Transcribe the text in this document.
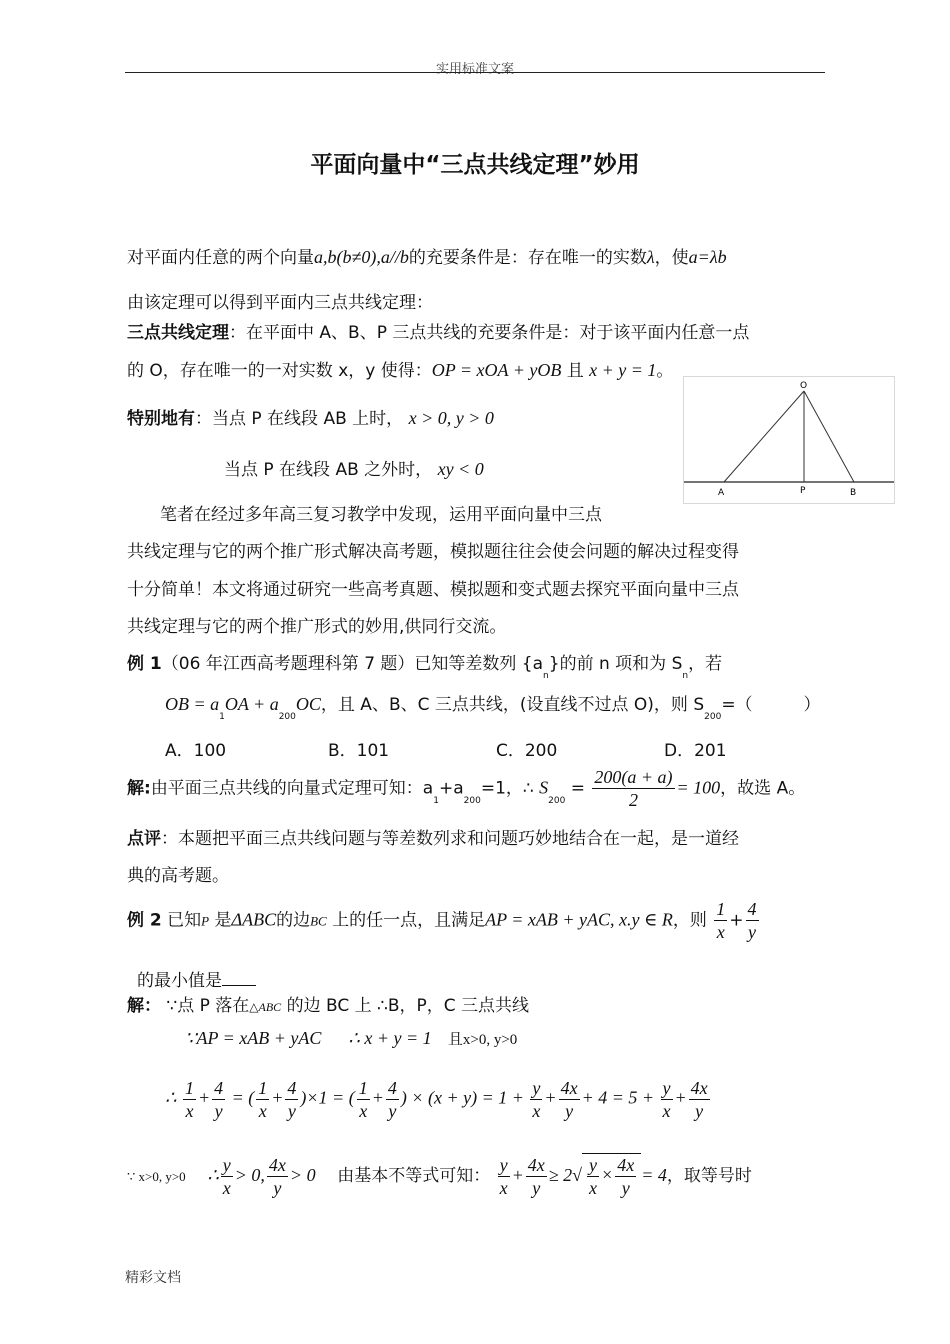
实用标准文案
平面向量中“三点共线定理”妙用
对平面内任意的两个向量a,b(b≠0),a//b的充要条件是：存在唯一的实数λ，使a=λb
由该定理可以得到平面内三点共线定理：
三点共线定理：在平面中 A、B、P 三点共线的充要条件是：对于该平面内任意一点
的 O，存在唯一的一对实数 x，y 使得：OP = xOA + yOB 且 x + y = 1。
特别地有：当点 P 在线段 AB 上时， x > 0, y > 0
当点 P 在线段 AB 之外时， xy < 0
O
A	P	B
笔者在经过多年高三复习教学中发现，运用平面向量中三点
共线定理与它的两个推广形式解决高考题，模拟题往往会使会问题的解决过程变得
十分简单！本文将通过研究一些高考真题、模拟题和变式题去探究平面向量中三点
共线定理与它的两个推广形式的妙用,供同行交流。
例 1（06 年江西高考题理科第 7 题）已知等差数列 $\{a_n\}$的前 n 项和为 $S_n$，若
OB = $a_1OA + a_{200}OC$，且 A、B、C 三点共线，(设直线不过点 O)，则 $S_{200}=$（　　　）
A．100	B．101	C．200	D．201
解:由平面三点共线的向量式定理可知：$a_1+a_{200}=1$，∴ $S_{200} = \frac{200(a + a)}{2} = 100$，故选 A。
点评：本题把平面三点共线问题与等差数列求和问题巧妙地结合在一起，是一道经
典的高考题。
例 2 已知P 是ΔABC的边BC 上的任一点，且满足AP = xAB + yAC, x.y ∈ R，则 $\frac{1}{x} + \frac{4}{y}$
的最小值是
解： ∵点 P 落在△ABC 的边 BC 上 ∴B，P，C 三点共线
∵AP = xAB + yAC ∴ x + y = 1 且x>0, y>0
∴ $\frac{1}{x} + \frac{4}{y}$ = ( $\frac{1}{x} + \frac{4}{y} )\times 1$ = ( $\frac{1}{x} + \frac{4}{y}$ ) × $(x + y) = 1 + \frac{y}{x} + \frac{4x}{y} + 4 = 5 + \frac{y}{x} + \frac{4x}{y}$
∵ x>0, y>0 ∴ $\frac{y}{x} > 0$, $\frac{4x}{y} > 0$ 由基本不等式可知： $\frac{y}{x} + \frac{4x}{y} \ge 2√ \frac{y}{x} \times \frac{4x}{y} = 4$，取等号时
精彩文档
